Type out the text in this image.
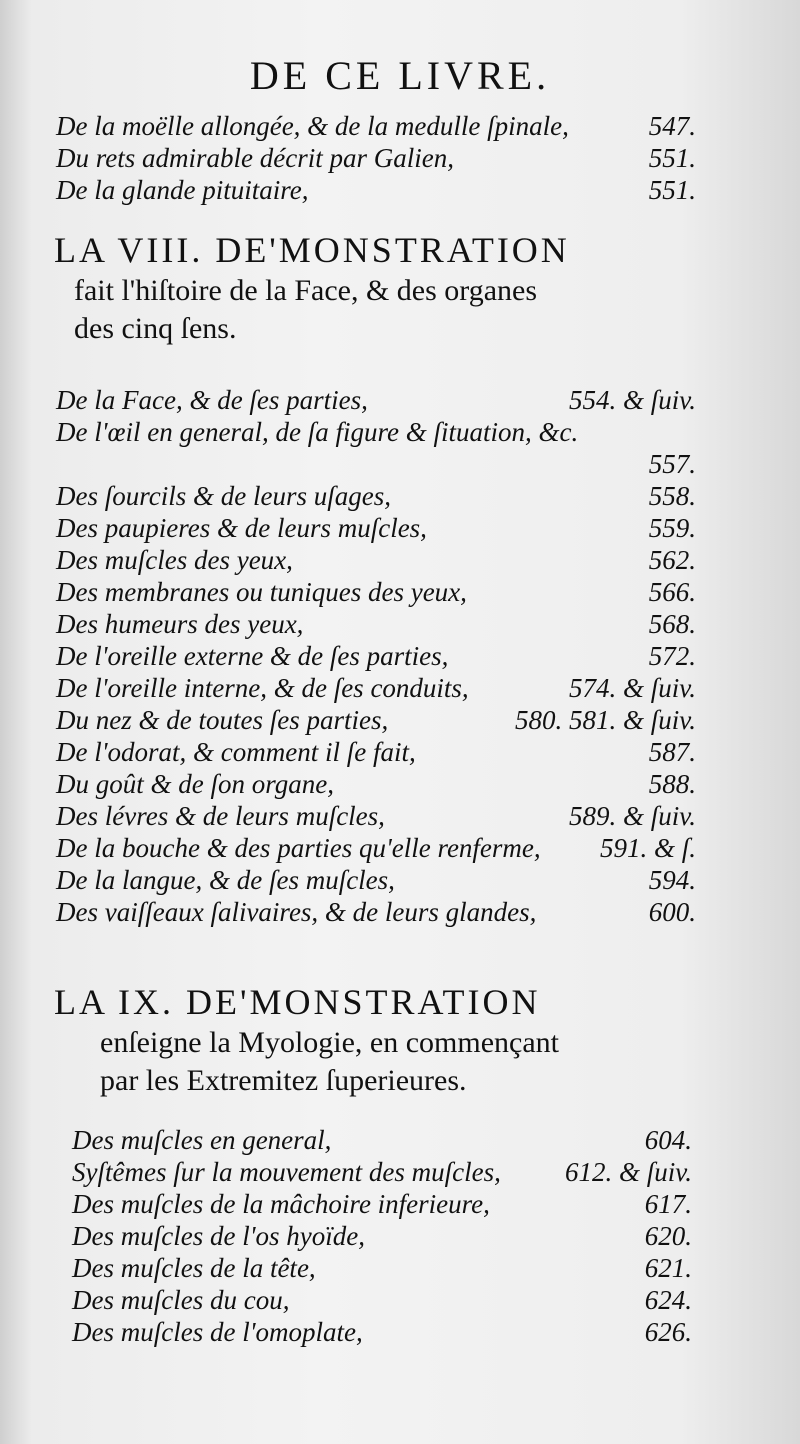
DE CE LIVRE.
De la moëlle allongée, & de la medulle ſpinale,	547.
Du rets admirable décrit par Galien,	551.
De la glande pituitaire,	551.
LA VIII. DE'MONSTRATION
fait l'hiſtoire de la Face, & des organes
des cinq ſens.
De la Face, & de ſes parties,	554. & ſuiv.
De l'œil en general, de ſa figure & ſituation, &c.
557.
Des ſourcils & de leurs uſages,	558.
Des paupieres & de leurs muſcles,	559.
Des muſcles des yeux,	562.
Des membranes ou tuniques des yeux,	566.
Des humeurs des yeux,	568.
De l'oreille externe & de ſes parties,	572.
De l'oreille interne, & de ſes conduits,	574. & ſuiv.
Du nez & de toutes ſes parties,	580. 581. & ſuiv.
De l'odorat, & comment il ſe fait,	587.
Du goût & de ſon organe,	588.
Des lévres & de leurs muſcles,	589. & ſuiv.
De la bouche & des parties qu'elle renferme, 591. & ſ.
De la langue, & de ſes muſcles,	594.
Des vaiſſeaux ſalivaires, & de leurs glandes,	600.
LA IX. DE'MONSTRATION
enſeigne la Myologie, en commençant
par les Extremitez ſuperieures.
Des muſcles en general,	604.
Syſtêmes ſur la mouvement des muſcles, 612. & ſuiv.
Des muſcles de la mâchoire inferieure,	617.
Des muſcles de l'os hyoïde,	620.
Des muſcles de la tête,	621.
Des muſcles du cou,	624.
Des muſcles de l'omoplate,	626.
